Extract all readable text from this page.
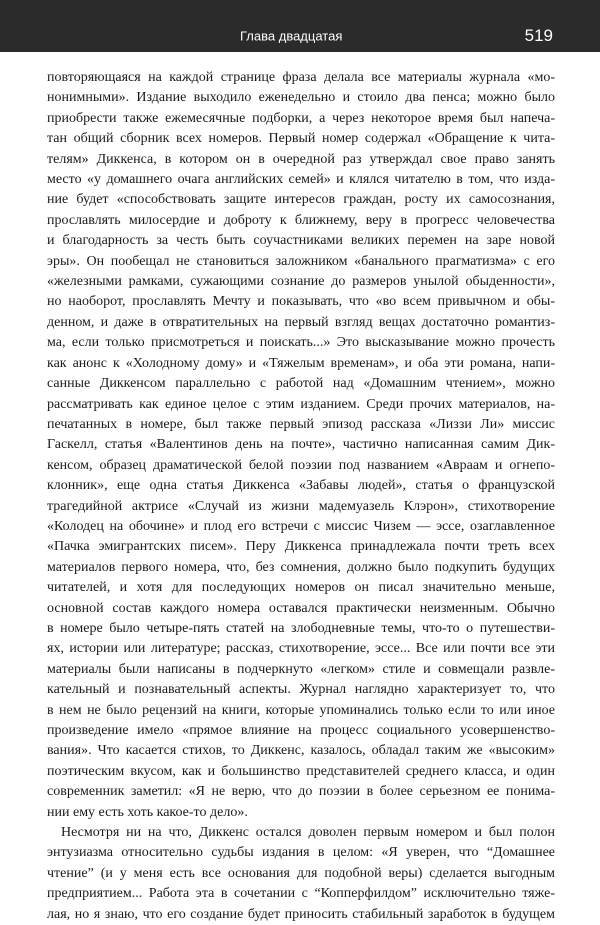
Глава двадцатая	519
повторяющаяся на каждой странице фраза делала все материалы журнала «мо-
нонимными». Издание выходило еженедельно и стоило два пенса; можно было
приобрести также ежемесячные подборки, а через некоторое время был напеча-
тан общий сборник всех номеров. Первый номер содержал «Обращение к чита-
телям» Диккенса, в котором он в очередной раз утверждал свое право занять
место «у домашнего очага английских семей» и клялся читателю в том, что изда-
ние будет «способствовать защите интересов граждан, росту их самосознания,
прославлять милосердие и доброту к ближнему, веру в прогресс человечества
и благодарность за честь быть соучастниками великих перемен на заре новой
эры». Он пообещал не становиться заложником «банального прагматизма» с его
«железными рамками, сужающими сознание до размеров унылой обыденности»,
но наоборот, прославлять Мечту и показывать, что «во всем привычном и обы-
денном, и даже в отвратительных на первый взгляд вещах достаточно романтиз-
ма, если только присмотреться и поискать...» Это высказывание можно прочесть
как анонс к «Холодному дому» и «Тяжелым временам», и оба эти романа, напи-
санные Диккенсом параллельно с работой над «Домашним чтением», можно
рассматривать как единое целое с этим изданием. Среди прочих материалов, на-
печатанных в номере, был также первый эпизод рассказа «Лиззи Ли» миссис
Гаскелл, статья «Валентинов день на почте», частично написанная самим Дик-
кенсом, образец драматической белой поэзии под названием «Авраам и огнепо-
клонник», еще одна статья Диккенса «Забавы людей», статья о французской
трагедийной актрисе «Случай из жизни мадемуазель Клэрон», стихотворение
«Колодец на обочине» и плод его встречи с миссис Чизем — эссе, озаглавленное
«Пачка эмигрантских писем». Перу Диккенса принадлежала почти треть всех
материалов первого номера, что, без сомнения, должно было подкупить будущих
читателей, и хотя для последующих номеров он писал значительно меньше,
основной состав каждого номера оставался практически неизменным. Обычно
в номере было четыре-пять статей на злободневные темы, что-то о путешестви-
ях, истории или литературе; рассказ, стихотворение, эссе... Все или почти все эти
материалы были написаны в подчеркнуто «легком» стиле и совмещали развле-
кательный и познавательный аспекты. Журнал наглядно характеризует то, что
в нем не было рецензий на книги, которые упоминались только если то или иное
произведение имело «прямое влияние на процесс социального усовершенство-
вания». Что касается стихов, то Диккенс, казалось, обладал таким же «высоким»
поэтическим вкусом, как и большинство представителей среднего класса, и один
современник заметил: «Я не верю, что до поэзии в более серьезном ее понима-
нии ему есть хоть какое-то дело».
Несмотря ни на что, Диккенс остался доволен первым номером и был полон
энтузиазма относительно судьбы издания в целом: «Я уверен, что “Домашнее
чтение” (и у меня есть все основания для подобной веры) сделается выгодным
предприятием... Работа эта в сочетании с “Копперфилдом” исключительно тяже-
лая, но я знаю, что его создание будет приносить стабильный заработок в будущем
